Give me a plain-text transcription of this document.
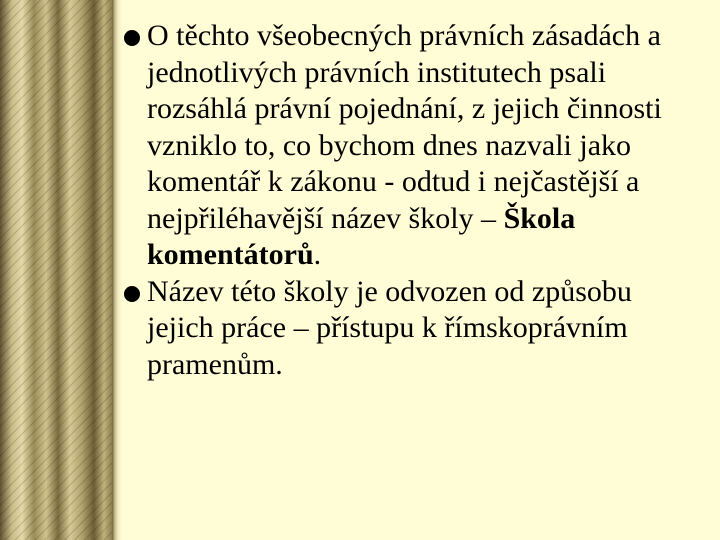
O těchto všeobecných právních zásadách a jednotlivých právních institutech psali rozsáhlá právní pojednání, z jejich činnosti vzniklo to, co bychom dnes nazvali jako komentář k zákonu - odtud i nejčastější a nejpřiléhavější název školy – Škola komentátorů.

Název této školy je odvozen od způsobu jejich práce – přístupu k římskoprávním pramenům.
